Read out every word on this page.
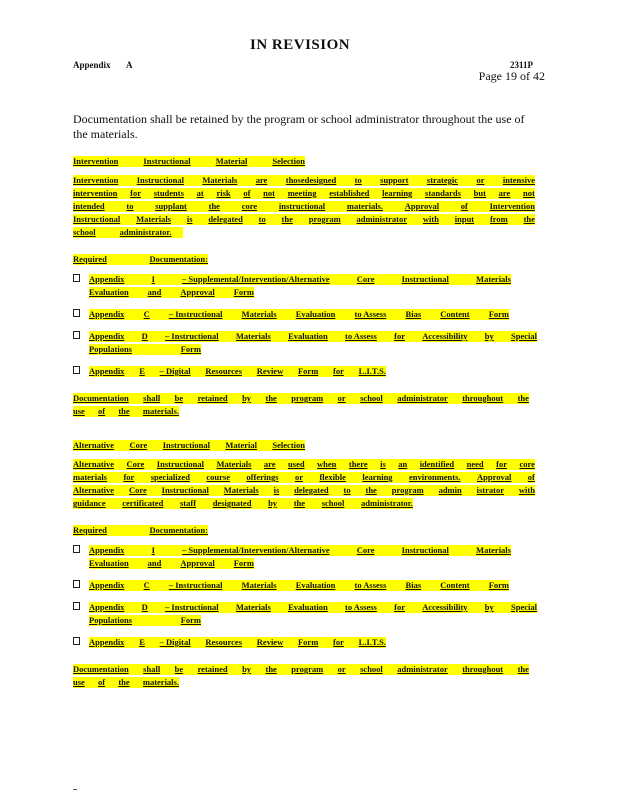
IN REVISION
Appendix A	2311P
Page 19 of 42
Documentation shall be retained by the program or school administrator throughout the use of the materials.
Intervention	Instructional	Material	Selection
Intervention Instructional Materials are thosedesigned to support strategic or intensive
intervention for students at risk of not meeting established learning standards but are not
intended	to	supplant	the	core	instructional	materials.	Approval	of	Intervention
Instructional Materials is delegated to the program administrator with input from the
school	administrator.
Required	Documentation:
Appendix	I	– Supplemental/Intervention/Alternative	Core	Instructional	Materials
Evaluation and Approval Form
Appendix C – Instructional Materials Evaluation to Assess Bias Content Form
Appendix D – Instructional Materials Evaluation to Assess for Accessibility by Special
Populations	Form
Appendix E – Digital Resources Review Form for L.I.T.S.
Documentation shall be retained by the program or school administrator throughout the
use of the materials.
Alternative Core Instructional Material Selection
Alternative Core Instructional Materials are used when there is an identified need for core
materials for specialized course offerings or flexible learning environments. Approval of
Alternative Core Instructional Materials is delegated to the program admin istrator with
guidance certificated staff designated by the school administrator.
Required	Documentation:
Appendix	I	– Supplemental/Intervention/Alternative	Core	Instructional	Materials
Evaluation and Approval Form
Appendix C – Instructional Materials Evaluation to Assess Bias Content Form
Appendix D – Instructional Materials Evaluation to Assess for Accessibility by Special
Populations	Form
Appendix E – Digital Resources Review Form for L.I.T.S.
Documentation shall be retained by the program or school administrator throughout the
use of the materials.
